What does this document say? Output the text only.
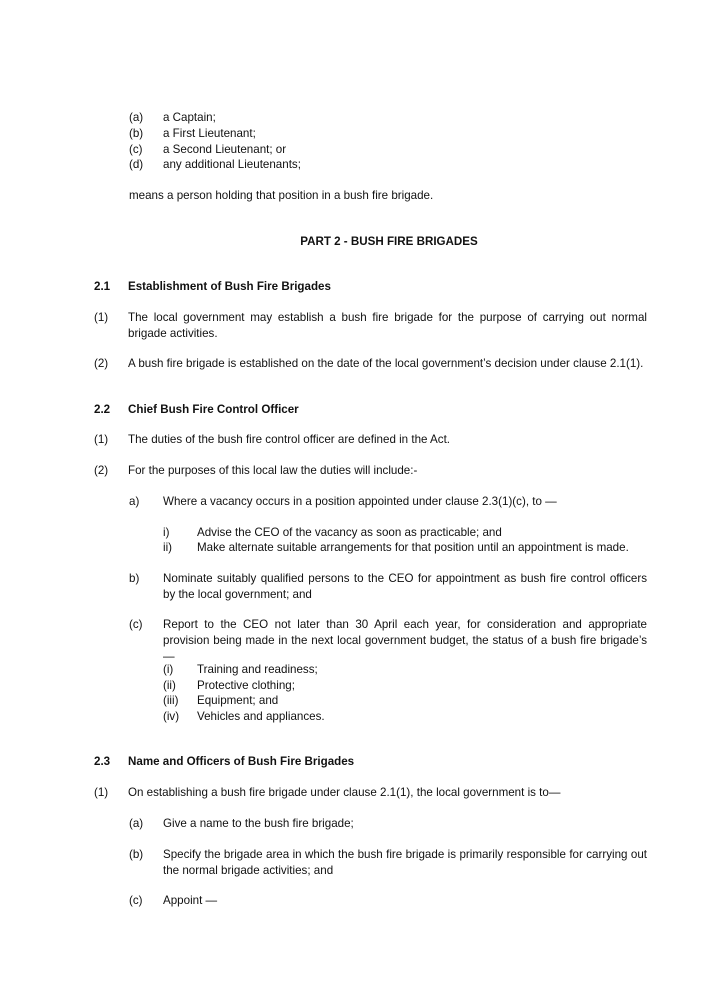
(a)	a Captain;
(b)	a First Lieutenant;
(c)	a Second Lieutenant; or
(d)	any additional Lieutenants;
means a person holding that position in a bush fire brigade.
PART 2 - BUSH FIRE BRIGADES
2.1	Establishment of Bush Fire Brigades
(1)	The local government may establish a bush fire brigade for the purpose of carrying out normal brigade activities.
(2)	A bush fire brigade is established on the date of the local government’s decision under clause 2.1(1).
2.2	Chief Bush Fire Control Officer
(1)	The duties of the bush fire control officer are defined in the Act.
(2)	For the purposes of this local law the duties will include:-
a)	Where a vacancy occurs in a position appointed under clause 2.3(1)(c), to —
i)	Advise the CEO of the vacancy as soon as practicable; and
ii)	Make alternate suitable arrangements for that position until an appointment is made.
b)	Nominate suitably qualified persons to the CEO for appointment as bush fire control officers by the local government; and
(c)	Report to the CEO not later than 30 April each year, for consideration and appropriate provision being made in the next local government budget, the status of a bush fire brigade’s —
(i)	Training and readiness;
(ii)	Protective clothing;
(iii)	Equipment; and
(iv)	Vehicles and appliances.
2.3	Name and Officers of Bush Fire Brigades
(1)	On establishing a bush fire brigade under clause 2.1(1), the local government is to—
(a)	Give a name to the bush fire brigade;
(b)	Specify the brigade area in which the bush fire brigade is primarily responsible for carrying out the normal brigade activities; and
(c)	Appoint —
